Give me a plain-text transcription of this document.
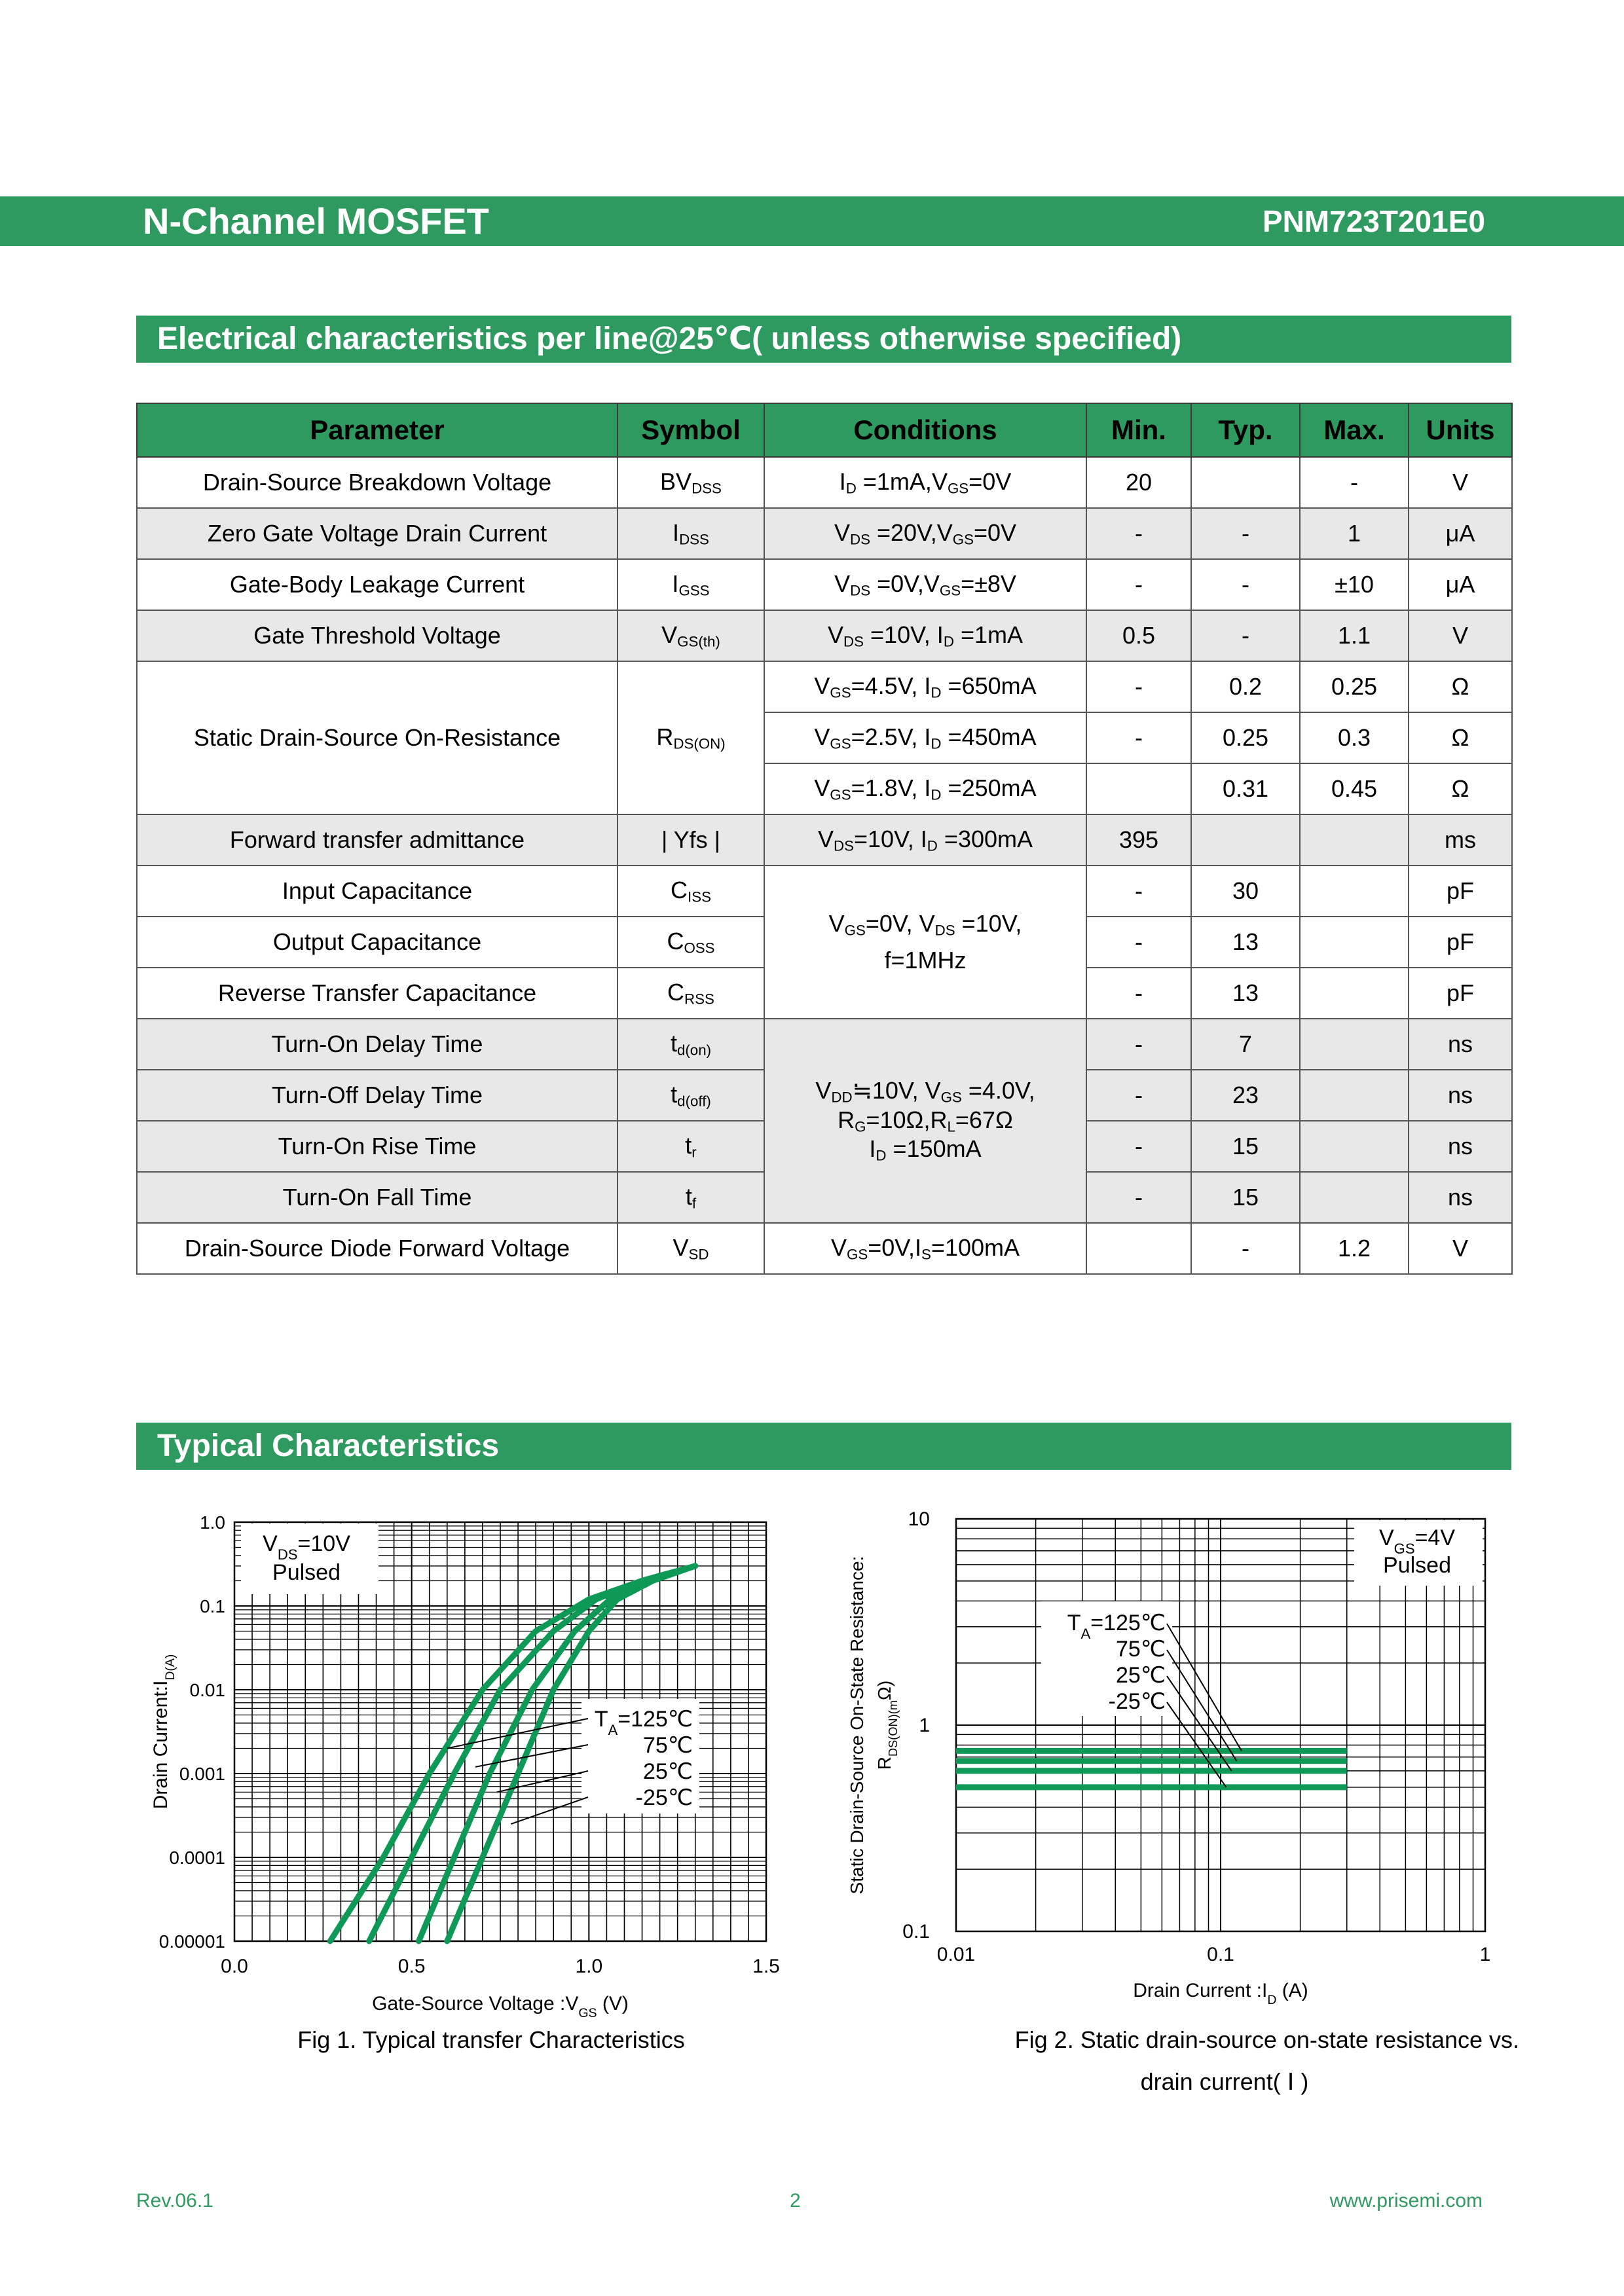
N-Channel MOSFET	PNM723T201E0
Electrical characteristics per line@25℃( unless otherwise specified)
Parameter	Symbol	Conditions	Min.	Typ.	Max.	Units
Drain-Source Breakdown Voltage	$BV_{DSS}$	$I_D =1mA,V_{GS}=0V$	20		-	V
Zero Gate Voltage Drain Current	$I_{DSS}$	$V_{DS} =20V,V_{GS}=0V$	-	-	1	μA
Gate-Body Leakage Current	$I_{GSS}$	$V_{DS} =0V,V_{GS}=\pm 8V$	-	-	±10	μA
Gate Threshold Voltage	$V_{GS(th)}$	$V_{DS} =10V$, $I_D =1mA$	0.5	-	1.1	V
Static Drain-Source On-Resistance	$R_{DS(ON)}$	$V_{GS}=4.5V$, $I_D =650mA$	-	0.2	0.25	Ω
		$V_{GS}=2.5V$, $I_D =450mA$	-	0.25	0.3	Ω
		$V_{GS}=1.8V$, $I_D =250mA$		0.31	0.45	Ω
Forward transfer admittance	| Yfs |	$V_{DS}=10V$, $I_D =300mA$	395			ms
Input Capacitance	$C_{ISS}$	$V_{GS}=0V$, $V_{DS} =10V$,
f=1MHz	-	30		pF
Output Capacitance	$C_{OSS}$		-	13		pF
Reverse Transfer Capacitance	$C_{RSS}$		-	13		pF
Turn-On Delay Time	$t_{d(on)}$	$V_{DD}≒10V$, $V_{GS} =4.0V$,
$R_G=10\Omega,R_L=67\Omega$
$I_D =150mA$	-	7		ns
Turn-Off Delay Time	$t_{d(off)}$		-	23		ns
Turn-On Rise Time	$t_r$		-	15		ns
Turn-On Fall Time	$t_f$		-	15		ns
Drain-Source Diode Forward Voltage	$V_{SD}$	$V_{GS}=0V,I_S=100mA$		-	1.2	V
Typical Characteristics
0.0	0.5	1.0	1.5
1.0
0.1
0.01
0.001
0.0001
0.00001
Gate-Source Voltage $:V_{GS}$ (V)
Drain $Current:I_{D(A)}$
$V_{DS}=10V$
Pulsed
$T_A=125℃$
75℃
25℃
-25℃
Fig 1. Typical transfer Characteristics
0.01	0.1	1
10
1
0.1
Drain Current $:I_D$ (A)
Static Drain-Source On-State Resistance: $R_{DS(ON)(m}\Omega$)
$V_{GS}=4V$
Pulsed
$T_A=125℃$
75℃
25℃
-25℃
Fig 2. Static drain-source on-state resistance vs.
drain current( Ⅰ )
Rev.06.1	2	www.prisemi.com
